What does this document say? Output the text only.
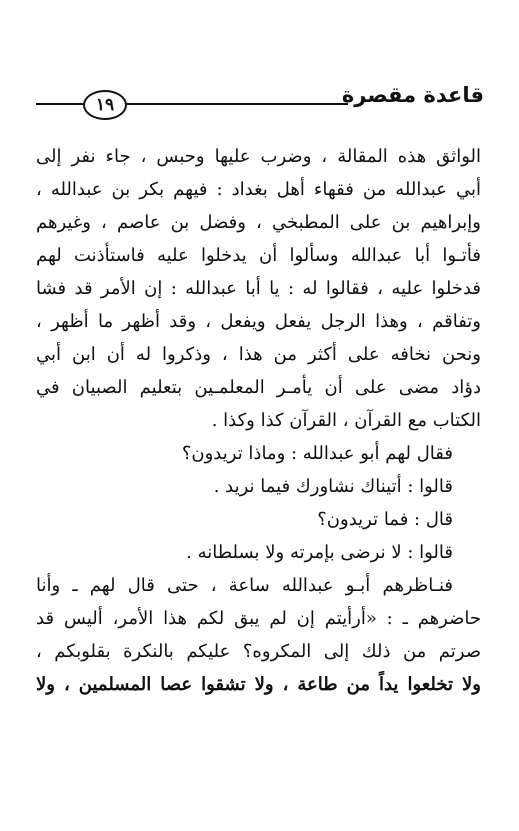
قاعدة مقصرة
١٩
الواثق هذه المقالة ، وضرب عليها وحبس ، جاء نفر إلى
أبي عبدالله من فقهاء أهل بغداد : فيهم بكر بن عبدالله ،
وإبراهيم بن على المطبخي ، وفضل بن عاصم ، وغيرهم
فأتـوا أبا عبدالله وسألوا أن يدخلوا عليه فاستأذنت لهم
فدخلوا عليه ، فقالوا له : يا أبا عبدالله : إن الأمر قد فشا
وتفاقم ، وهذا الرجل يفعل ويفعل ، وقد أظهر ما أظهر ،
ونحن نخافه على أكثر من هذا ، وذكروا له أن ابن أبي
دؤاد مضى على أن يأمـر المعلمـين بتعليم الصبيان في
الكتاب مع القرآن ، القرآن كذا وكذا .
فقال لهم أبو عبدالله : وماذا تريدون؟
قالوا : أتيناك نشاورك فيما نريد .
قال : فما تريدون؟
قالوا : لا نرضى بإمرته ولا بسلطانه .
فنـاظرهم أبـو عبدالله ساعة ، حتى قال لهم ـ وأنا
حاضرهم ـ : «أرأيتم إن لم يبق لكم هذا الأمر، أليس قد
صرتم من ذلك إلى المكروه؟ عليكم بالنكرة بقلوبكم ،
ولا تخلعوا يداً من طاعة ، ولا تشقوا عصا المسلمين ، ولا
